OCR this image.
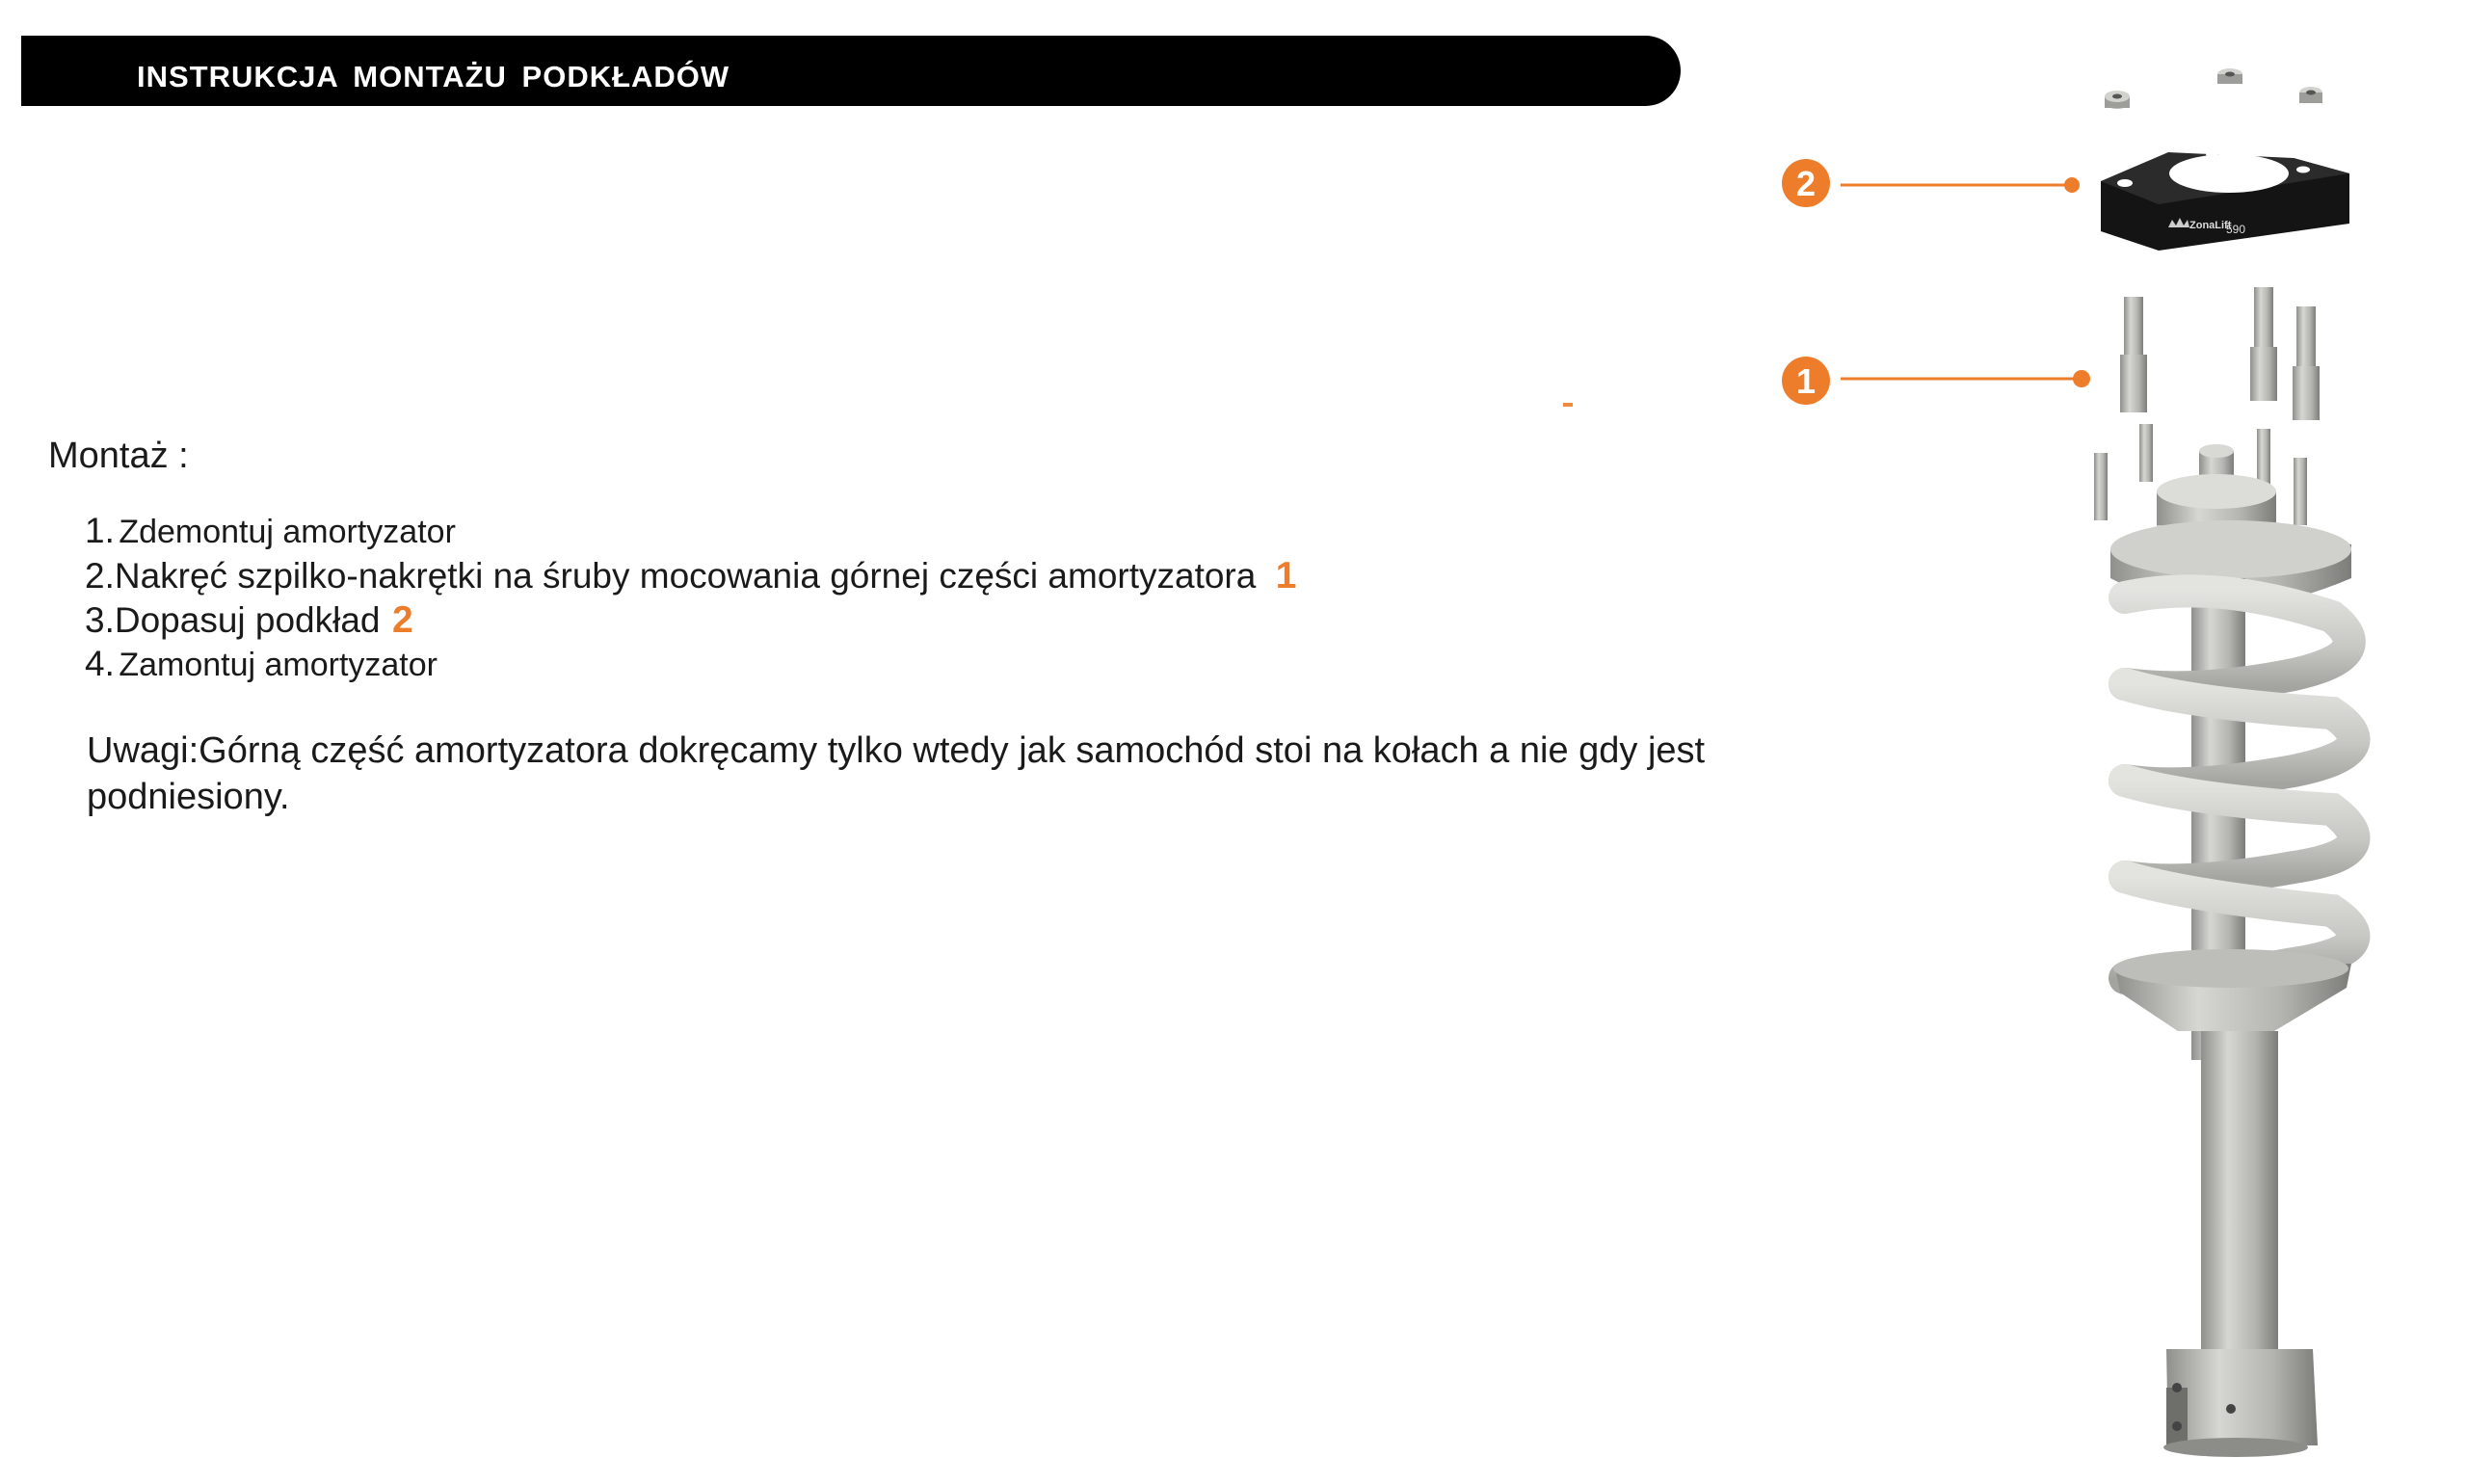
INSTRUKCJA MONTAŻU PODKŁADÓW
Montaż :
1. Zdemontuj amortyzator
2.Nakręć szpilko-nakrętki na śruby mocowania górnej części amortyzatora 1
3.Dopasuj podkład 2
4. Zamontuj amortyzator

Uwagi:Górną część amortyzatora dokręcamy tylko wtedy jak samochód stoi na kołach a nie gdy jest podniesiony.

590
ZonaLift
2
1
